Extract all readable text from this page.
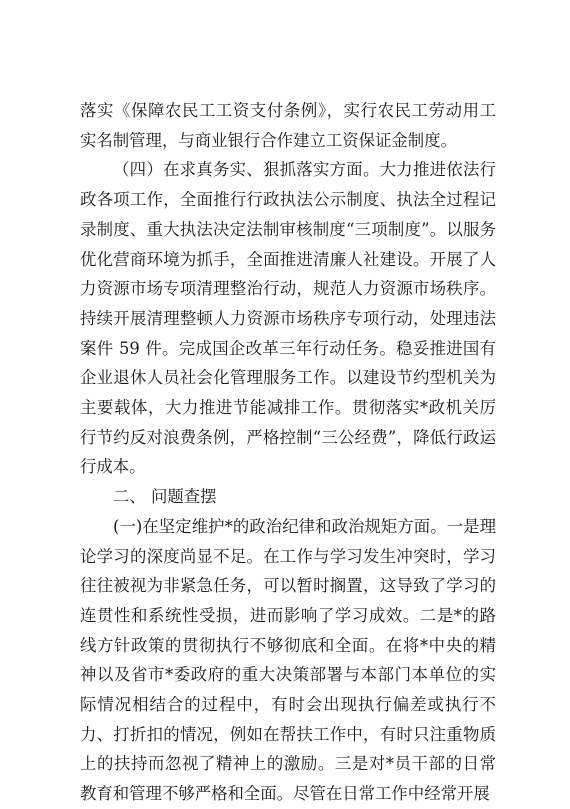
落实《保障农民工工资支付条例》，实行农民工劳动用工实名制管理，与商业银行合作建立工资保证金制度。

（四）在求真务实、狠抓落实方面。大力推进依法行政各项工作，全面推行行政执法公示制度、执法全过程记录制度、重大执法决定法制审核制度“三项制度”。以服务优化营商环境为抓手，全面推进清廉人社建设。开展了人力资源市场专项清理整治行动，规范人力资源市场秩序。持续开展清理整顿人力资源市场秩序专项行动，处理违法案件 59 件。完成国企改革三年行动任务。稳妥推进国有企业退休人员社会化管理服务工作。以建设节约型机关为主要载体，大力推进节能减排工作。贯彻落实*政机关厉行节约反对浪费条例，严格控制“三公经费”，降低行政运行成本。

二、 问题查摆

(一)在坚定维护*的政治纪律和政治规矩方面。一是理论学习的深度尚显不足。在工作与学习发生冲突时，学习往往被视为非紧急任务，可以暂时搁置，这导致了学习的连贯性和系统性受损，进而影响了学习成效。二是*的路线方针政策的贯彻执行不够彻底和全面。在将*中央的精神以及省市*委政府的重大决策部署与本部门本单位的实际情况相结合的过程中，有时会出现执行偏差或执行不力、打折扣的情况，例如在帮扶工作中，有时只注重物质上的扶持而忽视了精神上的激励。三是对*员干部的日常教育和管理不够严格和全面。尽管在日常工作中经常开展
